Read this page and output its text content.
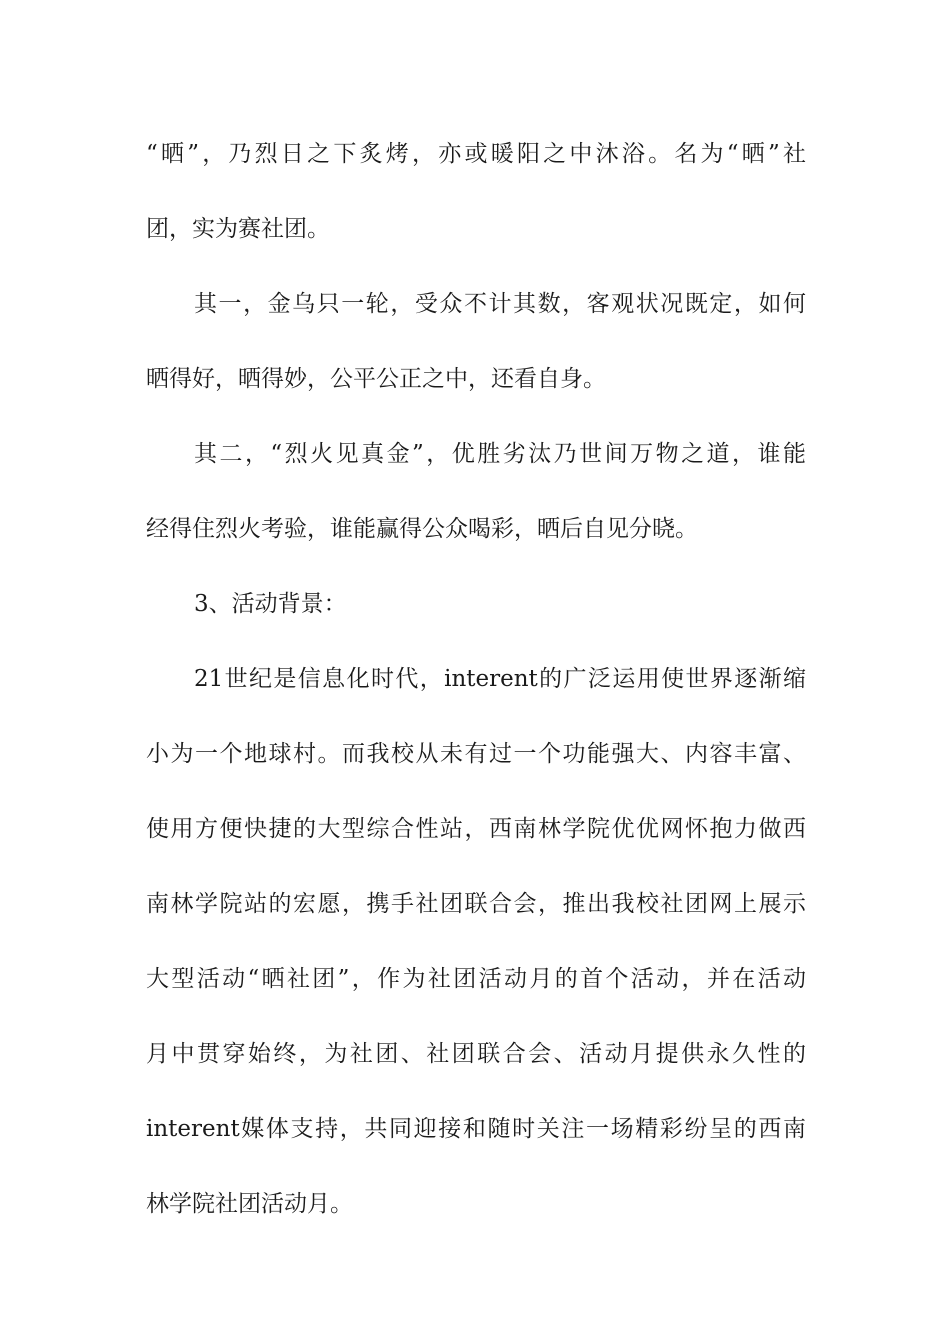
“晒”，乃烈日之下炙烤，亦或暖阳之中沐浴。名为“晒”社
团，实为赛社团。
其一，金乌只一轮，受众不计其数，客观状况既定，如何
晒得好，晒得妙，公平公正之中，还看自身。
其二，“烈火见真金”，优胜劣汰乃世间万物之道，谁能
经得住烈火考验，谁能赢得公众喝彩，晒后自见分晓。
3、活动背景：
21世纪是信息化时代，interent的广泛运用使世界逐渐缩
小为一个地球村。而我校从未有过一个功能强大、内容丰富、
使用方便快捷的大型综合性站，西南林学院优优网怀抱力做西
南林学院站的宏愿，携手社团联合会，推出我校社团网上展示
大型活动“晒社团”，作为社团活动月的首个活动，并在活动
月中贯穿始终，为社团、社团联合会、活动月提供永久性的
interent媒体支持，共同迎接和随时关注一场精彩纷呈的西南
林学院社团活动月。
